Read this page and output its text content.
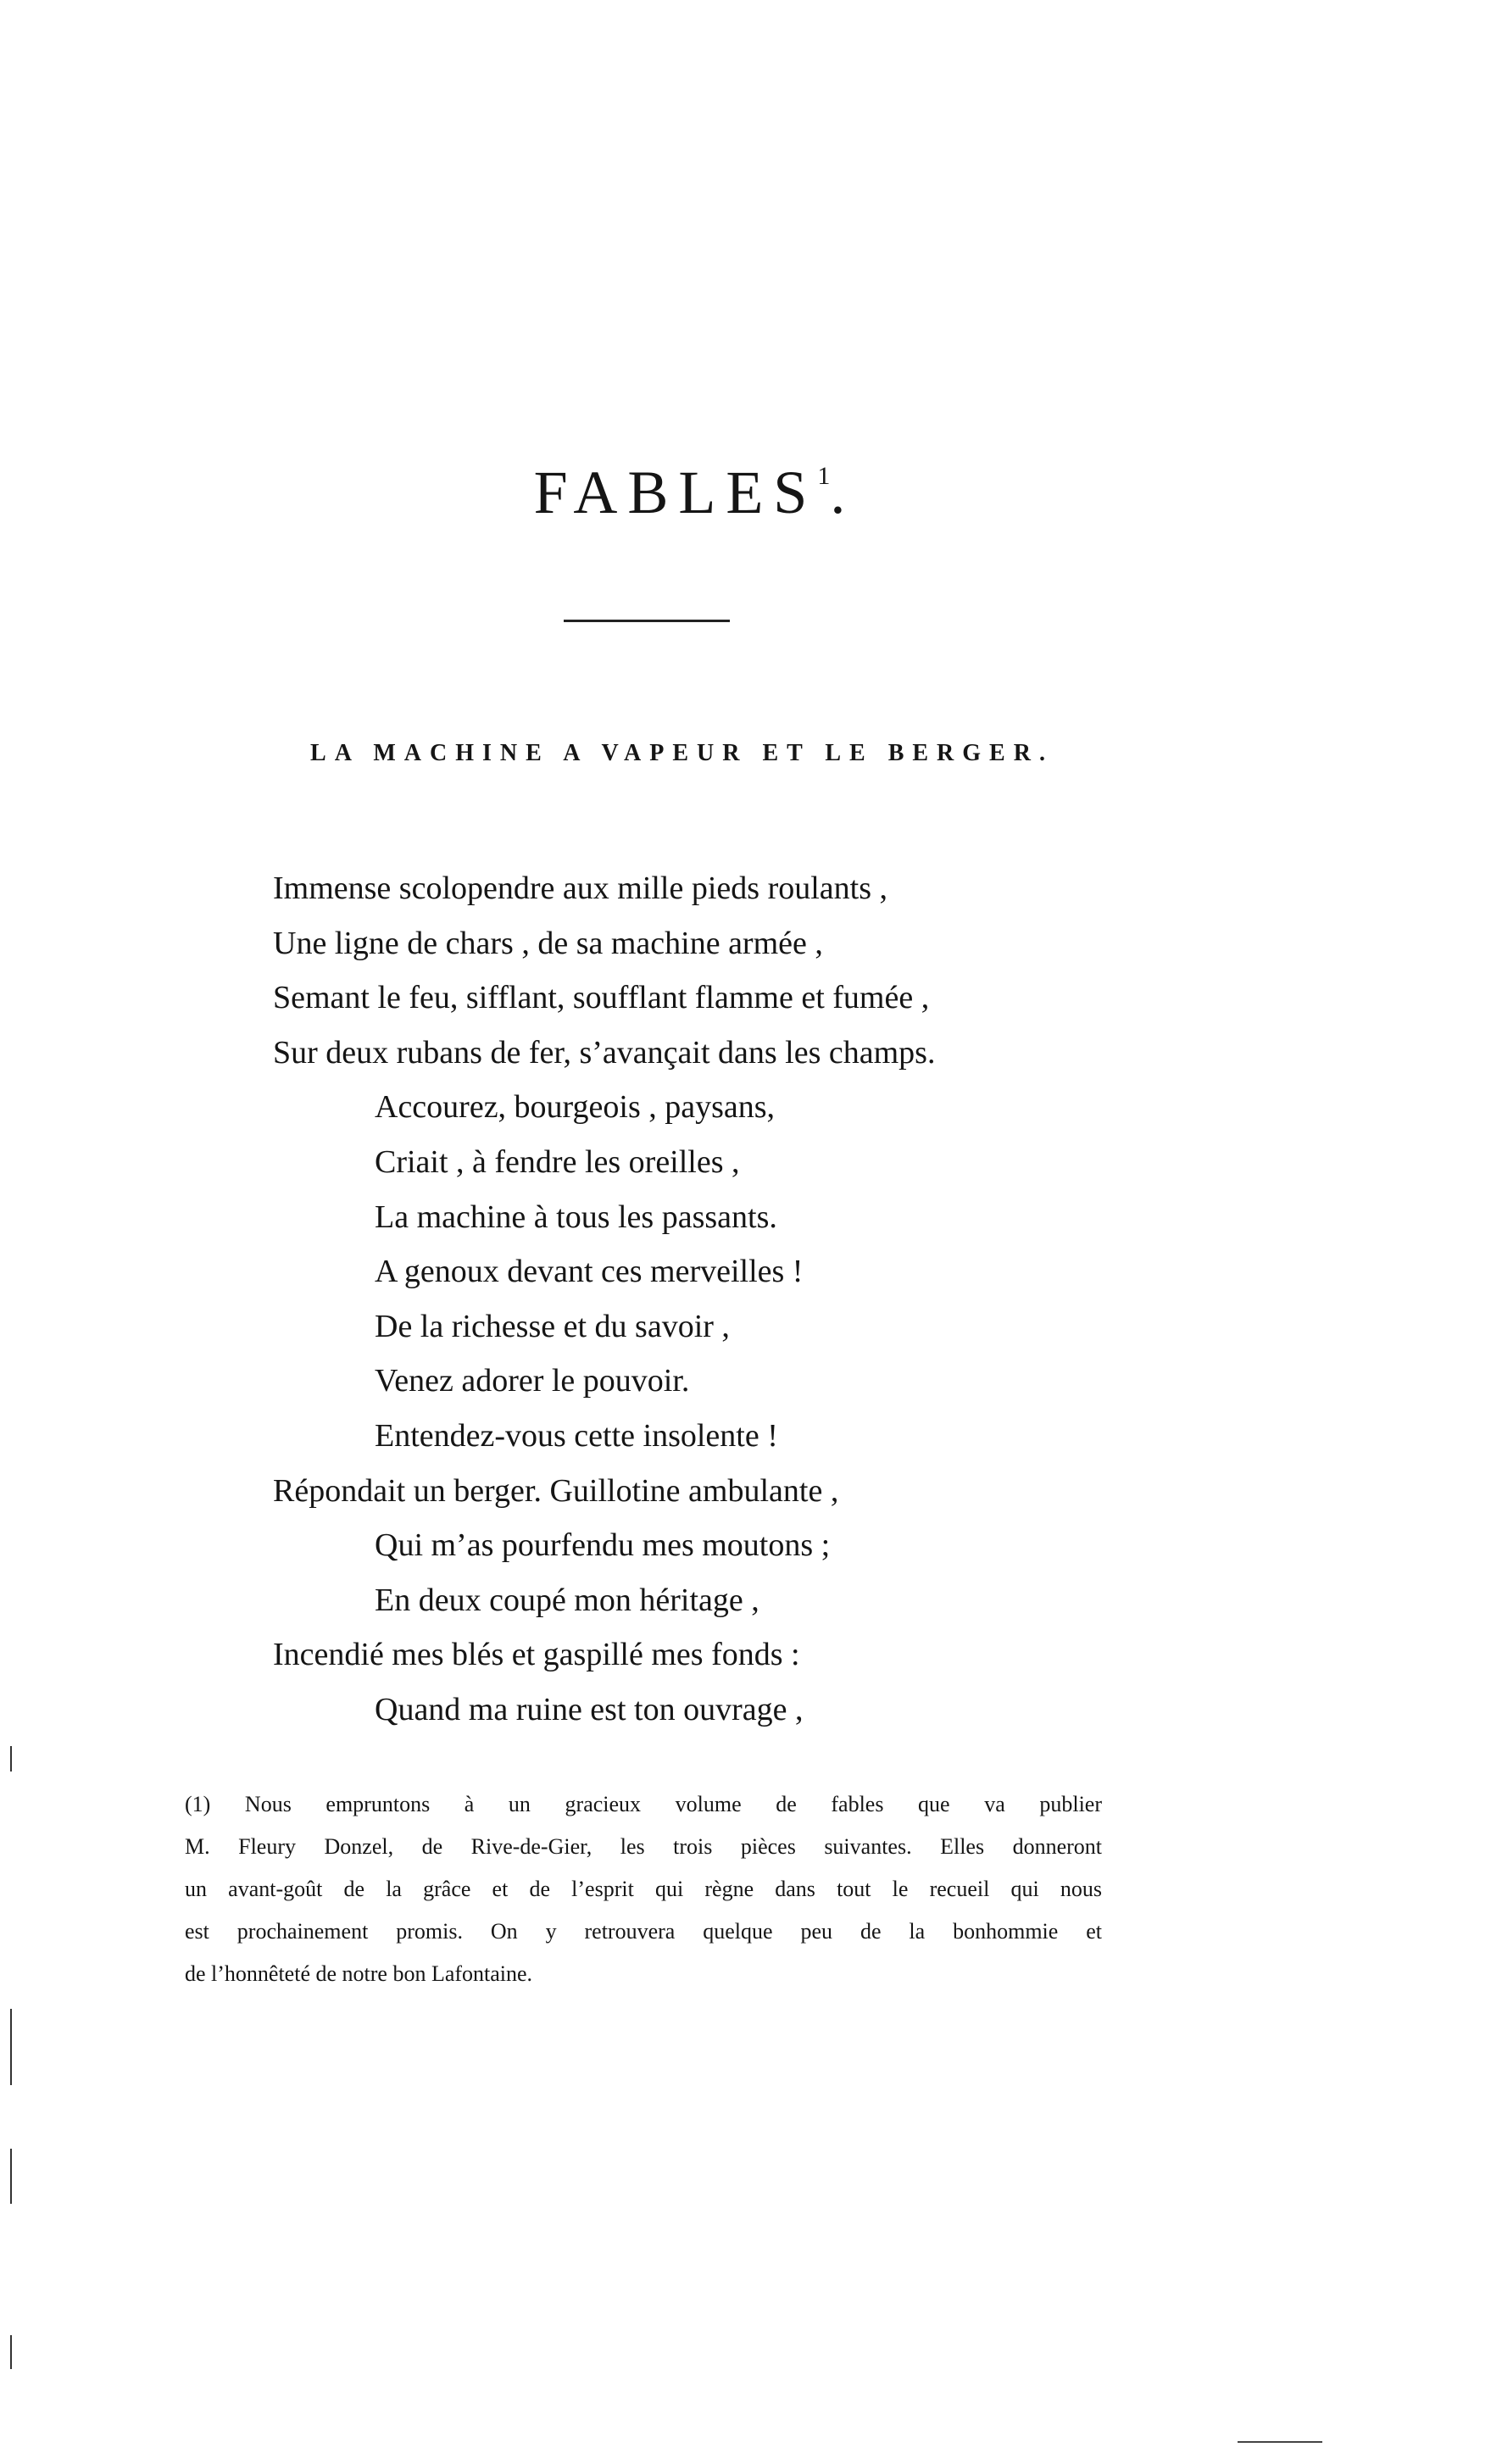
FABLES$^1$.
LA MACHINE A VAPEUR ET LE BERGER.
Immense scolopendre aux mille pieds roulants ,
Une ligne de chars , de sa machine armée ,
Semant le feu, sifflant, soufflant flamme et fumée ,
Sur deux rubans de fer, s’avançait dans les champs.
Accourez, bourgeois , paysans,
Criait , à fendre les oreilles ,
La machine à tous les passants.
A genoux devant ces merveilles !
De la richesse et du savoir ,
Venez adorer le pouvoir.
Entendez-vous cette insolente !
Répondait un berger. Guillotine ambulante ,
Qui m’as pourfendu mes moutons ;
En deux coupé mon héritage ,
Incendié mes blés et gaspillé mes fonds :
Quand ma ruine est ton ouvrage ,
(1) Nous empruntons à un gracieux volume de fables que va publier
M. Fleury Donzel, de Rive-de-Gier, les trois pièces suivantes. Elles donneront
un avant-goût de la grâce et de l’esprit qui règne dans tout le recueil qui nous
est prochainement promis. On y retrouvera quelque peu de la bonhommie et
de l’honnêteté de notre bon Lafontaine.
